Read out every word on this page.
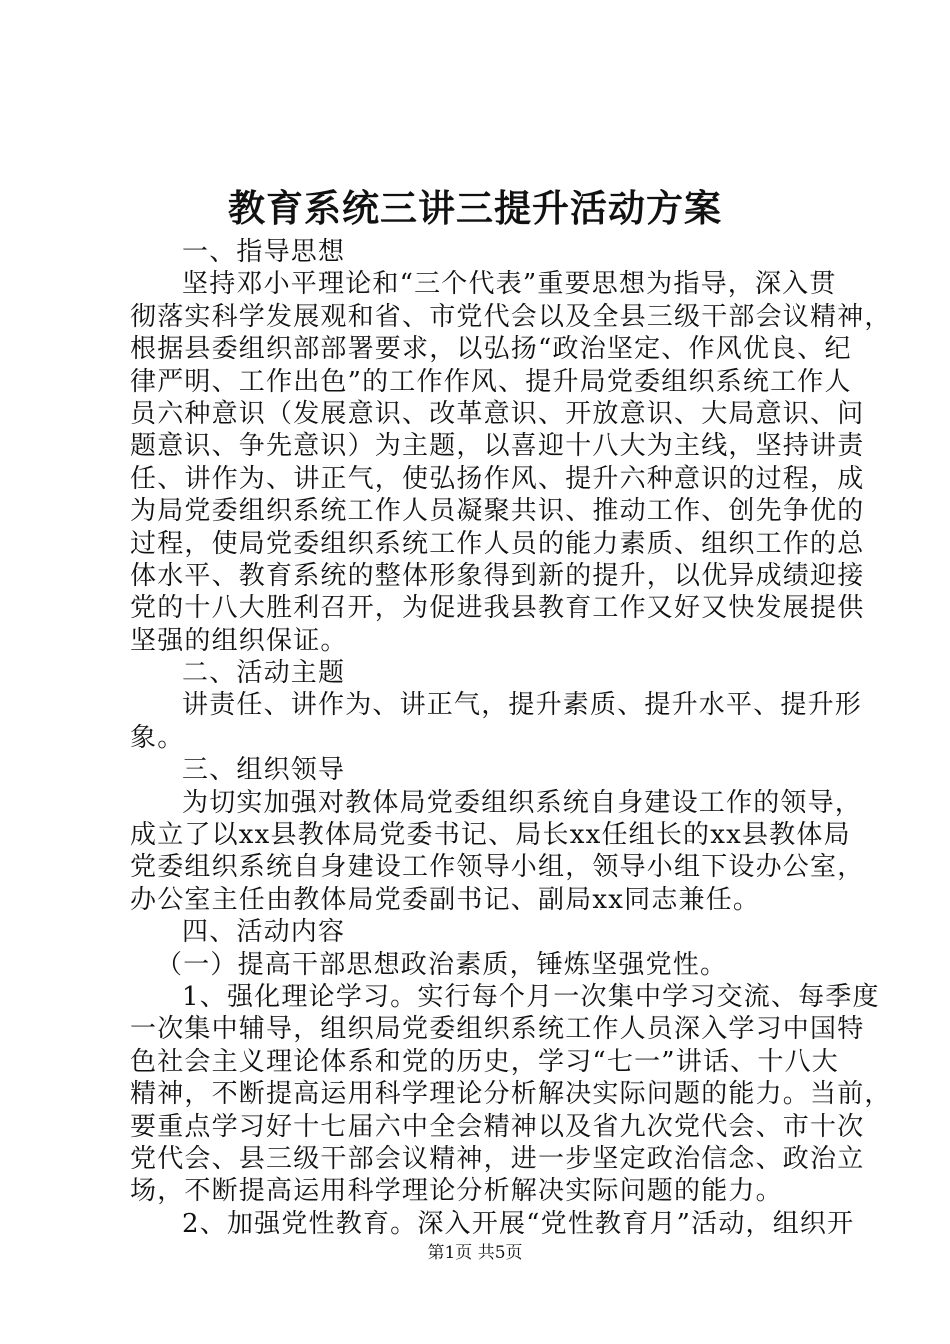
教育系统三讲三提升活动方案
一、指导思想
坚持邓小平理论和“三个代表”重要思想为指导，深入贯
彻落实科学发展观和省、市党代会以及全县三级干部会议精神，
根据县委组织部部署要求，以弘扬“政治坚定、作风优良、纪
律严明、工作出色”的工作作风、提升局党委组织系统工作人
员六种意识（发展意识、改革意识、开放意识、大局意识、问
题意识、争先意识）为主题，以喜迎十八大为主线，坚持讲责
任、讲作为、讲正气，使弘扬作风、提升六种意识的过程，成
为局党委组织系统工作人员凝聚共识、推动工作、创先争优的
过程，使局党委组织系统工作人员的能力素质、组织工作的总
体水平、教育系统的整体形象得到新的提升，以优异成绩迎接
党的十八大胜利召开，为促进我县教育工作又好又快发展提供
坚强的组织保证。
二、活动主题
讲责任、讲作为、讲正气，提升素质、提升水平、提升形
象。
三、组织领导
为切实加强对教体局党委组织系统自身建设工作的领导，
成立了以xx县教体局党委书记、局长xx任组长的xx县教体局
党委组织系统自身建设工作领导小组，领导小组下设办公室，
办公室主任由教体局党委副书记、副局xx同志兼任。
四、活动内容
（一）提高干部思想政治素质，锤炼坚强党性。
1、强化理论学习。实行每个月一次集中学习交流、每季度
一次集中辅导，组织局党委组织系统工作人员深入学习中国特
色社会主义理论体系和党的历史，学习“七一”讲话、十八大
精神，不断提高运用科学理论分析解决实际问题的能力。当前，
要重点学习好十七届六中全会精神以及省九次党代会、市十次
党代会、县三级干部会议精神，进一步坚定政治信念、政治立
场，不断提高运用科学理论分析解决实际问题的能力。
2、加强党性教育。深入开展“党性教育月”活动，组织开
第1页 共5页
